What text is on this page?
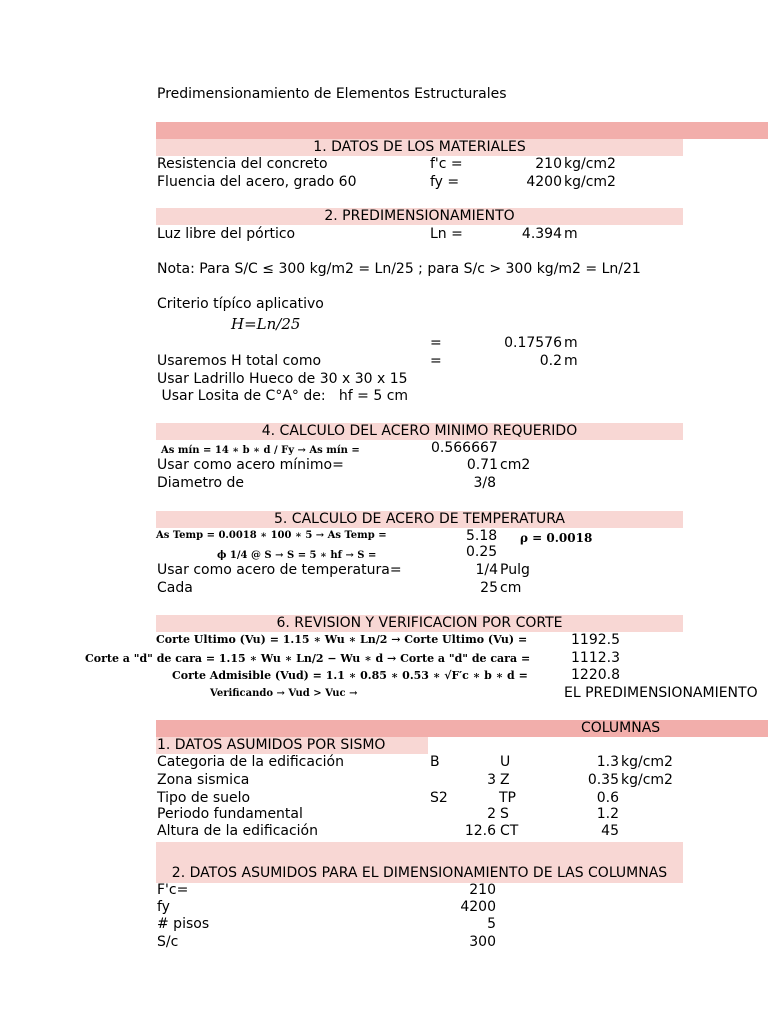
Predimensionamiento de Elementos Estructurales
1. DATOS DE LOS MATERIALES
Resistencia del concreto	f'c =	210 kg/cm2
Fluencia del acero, grado 60	fy =	4200 kg/cm2
2. PREDIMENSIONAMIENTO
Luz libre del pórtico	Ln =	4.394 m
Nota: Para S/C ≤ 300 kg/m2 = Ln/25 ; para S/c > 300 kg/m2 = Ln/21
Criterio típíco aplicativo
H=Ln/25
=	0.17576 m
Usaremos H total como	=	0.2 m
Usar Ladrillo Hueco de 30 x 30 x 15
Usar Losita de C°A° de:   hf = 5 cm
4. CALCULO DEL ACERO MINIMO REQUERIDO
As mín = 14 ∗ b ∗ d / Fy → As mín =	0.566667
Usar como acero mínimo=	0.71 cm2
Diametro de	3/8
5. CALCULO DE ACERO DE TEMPERATURA
As Temp = 0.0018 ∗ 100 ∗ 5 → As Temp =	5.18 ρ = 0.0018
ϕ 1/4 @ S → S = 5 ∗ hf → S =	0.25
Usar como acero de temperatura=	1/4 Pulg
Cada	25 cm
6. REVISION Y VERIFICACION POR CORTE
Corte Ultimo (Vu) = 1.15 ∗ Wu ∗ Ln/2 → Corte Ultimo (Vu) =	1192.5
Corte a "d" de cara = 1.15 ∗ Wu ∗ Ln/2 − Wu ∗ d → Corte a "d" de cara =	1112.3
Corte Admisible (Vud) = 1.1 ∗ 0.85 ∗ 0.53 ∗ √F′c ∗ b ∗ d =	1220.8
Verificando → Vud > Vuc →	EL PREDIMENSIONAMIENTO
COLUMNAS
1. DATOS ASUMIDOS POR SISMO
Categoria de la edificación	B	U	1.3 kg/cm2
Zona sismica	3 Z	0.35 kg/cm2
Tipo de suelo	S2	TP	0.6
Periodo fundamental	2 S	1.2
Altura de la edificación	12.6 CT	45
2. DATOS ASUMIDOS PARA EL DIMENSIONAMIENTO DE LAS COLUMNAS
F'c=	210
fy	4200
# pisos	5
S/c	300
